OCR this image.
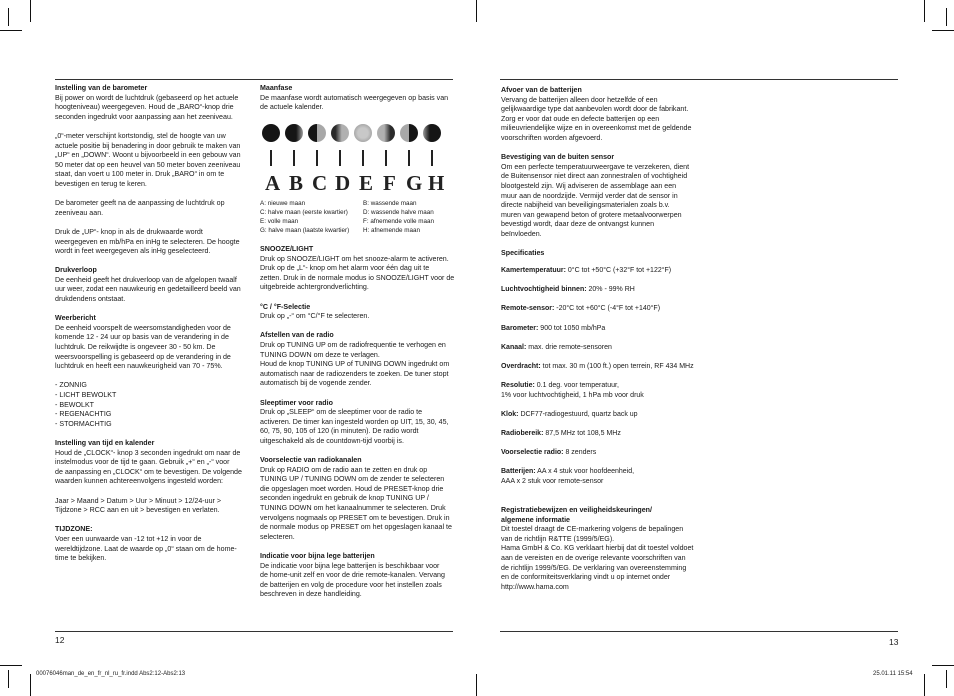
Instelling van de barometer

Bij power on wordt de luchtdruk (gebaseerd op het actuele
hoogteniveau) weergegeven. Houd de „BARO“-knop drie
seconden ingedrukt voor aanpassing aan het zeeniveau.

„0“-meter verschijnt kortstondig, stel de hoogte van uw
actuele positie bij benadering in door gebruik te maken van
„UP“ en „DOWN“. Woont u bijvoorbeeld in een gebouw van
50 meter dat op een heuvel van 50 meter boven zeeniveau
staat, dan voert u 100 meter in. Druk „BARO“ in om te
bevestigen en terug te keren.

De barometer geeft na de aanpassing de luchtdruk op
zeeniveau aan.

Druk de „UP“- knop in als de drukwaarde wordt
weergegeven en mb/hPa en inHg te selecteren. De hoogte
wordt in feet weergegeven als inHg geselecteerd.

Drukverloop

De eenheid geeft het drukverloop van de afgelopen twaalf
uur weer, zodat een nauwkeurig en gedetailleerd beeld van
drukdendens ontstaat.

Weerbericht

De eenheid voorspelt de weersomstandigheden voor de
komende 12 - 24 uur op basis van de verandering in de
luchtdruk. De reikwijdte is ongeveer 30 - 50 km. De
weersvoorspelling is gebaseerd op de verandering in de
luchtdruk en heeft een nauwkeurigheid van 70 - 75%.

- ZONNIG
- LICHT BEWOLKT
- BEWOLKT
- REGENACHTIG
- STORMACHTIG

Instelling van tijd en kalender

Houd de „CLOCK“- knop 3 seconden ingedrukt om naar de
instelmodus voor de tijd te gaan. Gebruik „+“ en „-“ voor
de aanpassing en „CLOCK“ om te bevestigen. De volgende
waarden kunnen achtereenvolgens ingesteld worden:

Jaar > Maand > Datum > Uur > Minuut > 12/24-uur >
Tijdzone > RCC aan en uit > bevestigen en verlaten.

TIJDZONE:

Voer een uurwaarde van -12 tot +12 in voor de
wereldtijdzone. Laat de waarde op „0“ staan om de home-
time te bekijken.

Maanfase

De maanfase wordt automatisch weergegeven op basis van
de actuele kalender.

A B C D E F G H
A: nieuwe maan
C: halve maan (eerste kwartier)
E: volle maan
G: halve maan (laatste kwartier)
B: wassende maan
D: wassende halve maan
F: afnemende volle maan
H: afnemende maan

SNOOZE/LIGHT

Druk op SNOOZE/LIGHT om het snooze-alarm te activeren.
Druk op de „L“- knop om het alarm voor één dag uit te
zetten. Druk in de normale modus io SNOOZE/LIGHT voor de
uitgebreide achtergrondverlichting.

°C / °F-Selectie

Druk op „-“ om °C/°F te selecteren.

Afstellen van de radio

Druk op TUNING UP om de radiofrequentie te verhogen en
TUNING DOWN om deze te verlagen.
Houd de knop TUNING UP of TUNING DOWN ingedrukt om
automatisch naar de radiozenders te zoeken. De tuner stopt
automatisch bij de vogende zender.

Sleeptimer voor radio

Druk op „SLEEP“ om de sleeptimer voor de radio te
activeren. De timer kan ingesteld worden op UIT, 15, 30, 45,
60, 75, 90, 105 of 120 (in minuten). De radio wordt
uitgeschakeld als de countdown-tijd voorbij is.

Voorselectie van radiokanalen

Druk op RADIO om de radio aan te zetten en druk op
TUNING UP / TUNING DOWN om de zender te selecteren
die opgeslagen moet worden. Houd de PRESET-knop drie
seconden ingedrukt en gebruik de knop TUNING UP /
TUNING DOWN om het kanaalnummer te selecteren. Druk
vervolgens nogmaals op PRESET om te bevestigen. Druk in
de normale modus op PRESET om het opgeslagen kanaal te
selecteren.

Indicatie voor bijna lege batterijen

De indicatie voor bijna lege batterijen is beschikbaar voor
de home-unit zelf en voor de drie remote-kanalen. Vervang
de batterijen en volg de procedure voor het instellen zoals
beschreven in deze handleiding.

Afvoer van de batterijen

Vervang de batterijen alleen door hetzelfde of een
gelijkwaardige type dat aanbevolen wordt door de fabrikant.
Zorg er voor dat oude en defecte batterijen op een
milieuvriendelijke wijze en in overeenkomst met de geldende
voorschriften worden afgevoerd.

Bevestiging van de buiten sensor

Om een perfecte temperatuurweergave te verzekeren, dient
de Buitensensor niet direct aan zonnestralen of vochtigheid
blootgesteld zijn. Wij adviseren de assemblage aan een
muur aan de noordzijde. Vermijd verder dat de sensor in
directe nabijheid van beveiligingsmaterialen zoals b.v.
muren van gewapend beton of grotere metaalvoorwerpen
bevestigd wordt, daar deze de ontvangst kunnen
beïnvloeden.

Specificaties

Kamertemperatuur: 0°C tot +50°C (+32°F tot +122°F)

Luchtvochtigheid binnen: 20% - 99% RH

Remote-sensor: -20°C tot +60°C (-4°F tot +140°F)

Barometer: 900 tot 1050 mb/hPa

Kanaal: max. drie remote-sensoren

Overdracht: tot max. 30 m (100 ft.) open terrein, RF 434 MHz

Resolutie: 0.1 deg. voor temperatuur,
1% voor luchtvochtigheid, 1 hPa mb voor druk

Klok: DCF77-radiogestuurd, quartz back up

Radiobereik: 87,5 MHz tot 108,5 MHz

Voorselectie radio: 8 zenders

Batterijen: AA x 4 stuk voor hoofdeenheid,
AAA x 2 stuk voor remote-sensor

Registratiebewijzen en veiligheidskeuringen/
algemene informatie

Dit toestel draagt de CE-markering volgens de bepalingen
van de richtlijn R&TTE (1999/5/EG).
Hama GmbH & Co. KG verklaart hierbij dat dit toestel voldoet
aan de vereisten en de overige relevante voorschriften van
de richtlijn 1999/5/EG. De verklaring van overeenstemming
en de conformiteitsverklaring vindt u op internet onder
http://www.hama.com

12	13
00076046man_de_en_fr_nl_ru_fr.indd Abs2:12-Abs2:13	25.01.11 15:54
